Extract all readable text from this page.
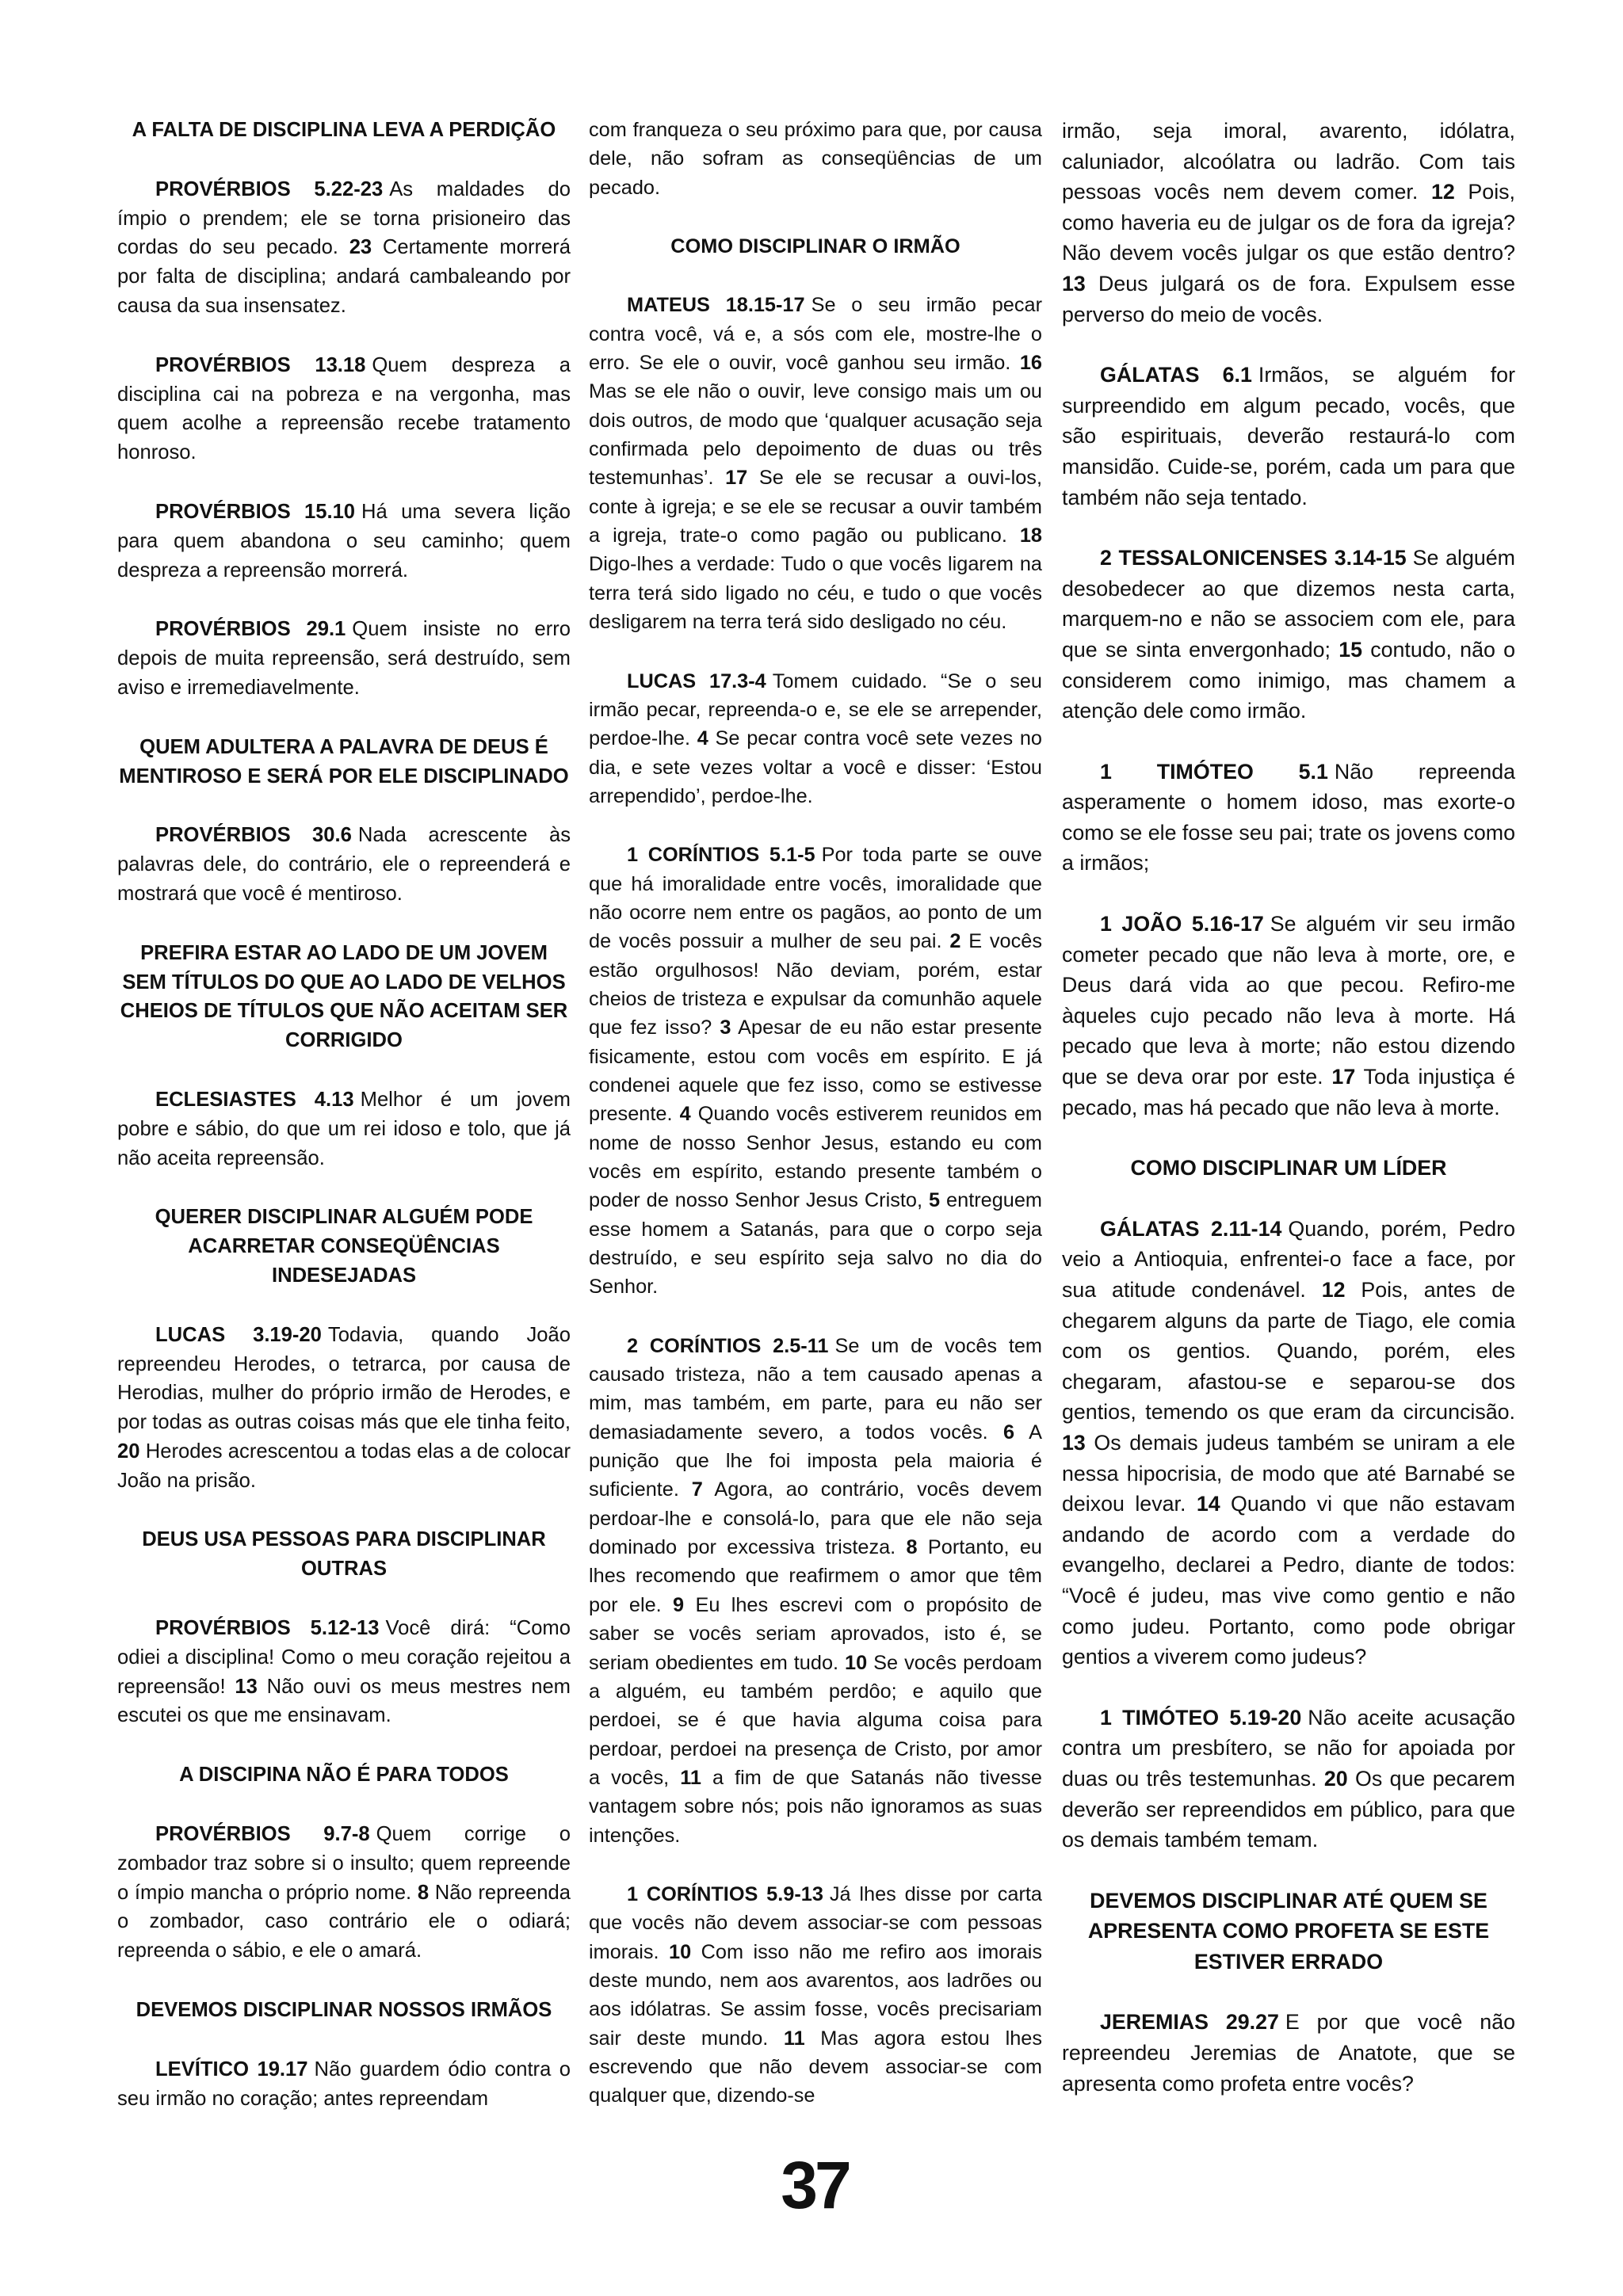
A FALTA DE DISCIPLINA LEVA A PERDIÇÃO

PROVÉRBIOS 5.22-23 As maldades do ímpio o prendem; ele se torna prisioneiro das cordas do seu pecado. 23 Certamente morrerá por falta de disciplina; andará cambaleando por causa da sua insensatez.

PROVÉRBIOS 13.18 Quem despreza a disciplina cai na pobreza e na vergonha, mas quem acolhe a repreensão recebe tratamento honroso.

PROVÉRBIOS 15.10 Há uma severa lição para quem abandona o seu caminho; quem despreza a repreensão morrerá.

PROVÉRBIOS 29.1 Quem insiste no erro depois de muita repreensão, será destruído, sem aviso e irremediavelmente.

QUEM ADULTERA A PALAVRA DE DEUS É MENTIROSO E SERÁ POR ELE DISCIPLINADO

PROVÉRBIOS 30.6 Nada acrescente às palavras dele, do contrário, ele o repreenderá e mostrará que você é mentiroso.

PREFIRA ESTAR AO LADO DE UM JOVEM SEM TÍTULOS DO QUE AO LADO DE VELHOS CHEIOS DE TÍTULOS QUE NÃO ACEITAM SER CORRIGIDO

ECLESIASTES 4.13 Melhor é um jovem pobre e sábio, do que um rei idoso e tolo, que já não aceita repreensão.

QUERER DISCIPLINAR ALGUÉM PODE ACARRETAR CONSEQÜÊNCIAS INDESEJADAS

LUCAS 3.19-20 Todavia, quando João repreendeu Herodes, o tetrarca, por causa de Herodias, mulher do próprio irmão de Herodes, e por todas as outras coisas más que ele tinha feito, 20 Herodes acrescentou a todas elas a de colocar João na prisão.

DEUS USA PESSOAS PARA DISCIPLINAR OUTRAS

PROVÉRBIOS 5.12-13 Você dirá: “Como odiei a disciplina! Como o meu coração rejeitou a repreensão! 13 Não ouvi os meus mestres nem escutei os que me ensinavam.

A DISCIPINA NÃO É PARA TODOS

PROVÉRBIOS 9.7-8 Quem corrige o zombador traz sobre si o insulto; quem repreende o ímpio mancha o próprio nome. 8 Não repreenda o zombador, caso contrário ele o odiará; repreenda o sábio, e ele o amará.

DEVEMOS DISCIPLINAR NOSSOS IRMÃOS

LEVÍTICO 19.17 Não guardem ódio contra o seu irmão no coração; antes repreendam

com franqueza o seu próximo para que, por causa dele, não sofram as conseqüências de um pecado.

COMO DISCIPLINAR O IRMÃO

MATEUS 18.15-17 Se o seu irmão pecar contra você, vá e, a sós com ele, mostre-lhe o erro. Se ele o ouvir, você ganhou seu irmão. 16 Mas se ele não o ouvir, leve consigo mais um ou dois outros, de modo que ‘qualquer acusação seja confirmada pelo depoimento de duas ou três testemunhas’. 17 Se ele se recusar a ouvi-los, conte à igreja; e se ele se recusar a ouvir também a igreja, trate-o como pagão ou publicano. 18 Digo-lhes a verdade: Tudo o que vocês ligarem na terra terá sido ligado no céu, e tudo o que vocês desligarem na terra terá sido desligado no céu.

LUCAS 17.3-4 Tomem cuidado. “Se o seu irmão pecar, repreenda-o e, se ele se arrepender, perdoe-lhe. 4 Se pecar contra você sete vezes no dia, e sete vezes voltar a você e disser: ‘Estou arrependido’, perdoe-lhe.

1 CORÍNTIOS 5.1-5 Por toda parte se ouve que há imoralidade entre vocês, imoralidade que não ocorre nem entre os pagãos, ao ponto de um de vocês possuir a mulher de seu pai. 2 E vocês estão orgulhosos! Não deviam, porém, estar cheios de tristeza e expulsar da comunhão aquele que fez isso? 3 Apesar de eu não estar presente fisicamente, estou com vocês em espírito. E já condenei aquele que fez isso, como se estivesse presente. 4 Quando vocês estiverem reunidos em nome de nosso Senhor Jesus, estando eu com vocês em espírito, estando presente também o poder de nosso Senhor Jesus Cristo, 5 entreguem esse homem a Satanás, para que o corpo seja destruído, e seu espírito seja salvo no dia do Senhor.

2 CORÍNTIOS 2.5-11 Se um de vocês tem causado tristeza, não a tem causado apenas a mim, mas também, em parte, para eu não ser demasiadamente severo, a todos vocês. 6 A punição que lhe foi imposta pela maioria é suficiente. 7 Agora, ao contrário, vocês devem perdoar-lhe e consolá-lo, para que ele não seja dominado por excessiva tristeza. 8 Portanto, eu lhes recomendo que reafirmem o amor que têm por ele. 9 Eu lhes escrevi com o propósito de saber se vocês seriam aprovados, isto é, se seriam obedientes em tudo. 10 Se vocês perdoam a alguém, eu também perdôo; e aquilo que perdoei, se é que havia alguma coisa para perdoar, perdoei na presença de Cristo, por amor a vocês, 11 a fim de que Satanás não tivesse vantagem sobre nós; pois não ignoramos as suas intenções.

1 CORÍNTIOS 5.9-13 Já lhes disse por carta que vocês não devem associar-se com pessoas imorais. 10 Com isso não me refiro aos imorais deste mundo, nem aos avarentos, aos ladrões ou aos idólatras. Se assim fosse, vocês precisariam sair deste mundo. 11 Mas agora estou lhes escrevendo que não devem associar-se com qualquer que, dizendo-se

irmão, seja imoral, avarento, idólatra, caluniador, alcoólatra ou ladrão. Com tais pessoas vocês nem devem comer. 12 Pois, como haveria eu de julgar os de fora da igreja? Não devem vocês julgar os que estão dentro? 13 Deus julgará os de fora. Expulsem esse perverso do meio de vocês.

GÁLATAS 6.1 Irmãos, se alguém for surpreendido em algum pecado, vocês, que são espirituais, deverão restaurá-lo com mansidão. Cuide-se, porém, cada um para que também não seja tentado.

2 TESSALONICENSES 3.14-15 Se alguém desobedecer ao que dizemos nesta carta, marquem-no e não se associem com ele, para que se sinta envergonhado; 15 contudo, não o considerem como inimigo, mas chamem a atenção dele como irmão.

1 TIMÓTEO 5.1 Não repreenda asperamente o homem idoso, mas exorte-o como se ele fosse seu pai; trate os jovens como a irmãos;

1 JOÃO 5.16-17 Se alguém vir seu irmão cometer pecado que não leva à morte, ore, e Deus dará vida ao que pecou. Refiro-me àqueles cujo pecado não leva à morte. Há pecado que leva à morte; não estou dizendo que se deva orar por este. 17 Toda injustiça é pecado, mas há pecado que não leva à morte.

COMO DISCIPLINAR UM LÍDER

GÁLATAS 2.11-14 Quando, porém, Pedro veio a Antioquia, enfrentei-o face a face, por sua atitude condenável. 12 Pois, antes de chegarem alguns da parte de Tiago, ele comia com os gentios. Quando, porém, eles chegaram, afastou-se e separou-se dos gentios, temendo os que eram da circuncisão. 13 Os demais judeus também se uniram a ele nessa hipocrisia, de modo que até Barnabé se deixou levar. 14 Quando vi que não estavam andando de acordo com a verdade do evangelho, declarei a Pedro, diante de todos: “Você é judeu, mas vive como gentio e não como judeu. Portanto, como pode obrigar gentios a viverem como judeus?

1 TIMÓTEO 5.19-20 Não aceite acusação contra um presbítero, se não for apoiada por duas ou três testemunhas. 20 Os que pecarem deverão ser repreendidos em público, para que os demais também temam.

DEVEMOS DISCIPLINAR ATÉ QUEM SE APRESENTA COMO PROFETA SE ESTE ESTIVER ERRADO

JEREMIAS 29.27 E por que você não repreendeu Jeremias de Anatote, que se apresenta como profeta entre vocês?

37
